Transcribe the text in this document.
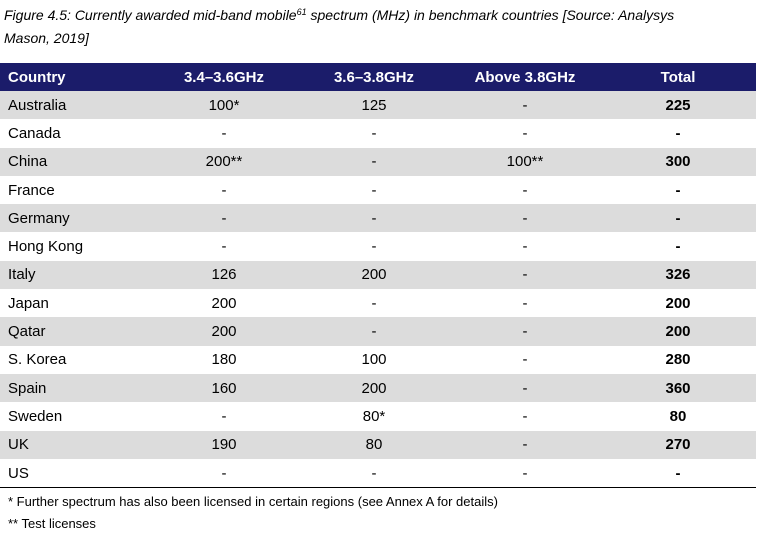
Figure 4.5: Currently awarded mid-band mobile$^{61}$ spectrum (MHz) in benchmark countries [Source: Analysys
Mason, 2019]
Country	3.4–3.6GHz	3.6–3.8GHz	Above 3.8GHz	Total
Australia	100*	125	-	225
Canada	-	-	-	-
China	200**	-	100**	300
France	-	-	-	-
Germany	-	-	-	-
Hong Kong	-	-	-	-
Italy	126	200	-	326
Japan	200	-	-	200
Qatar	200	-	-	200
S. Korea	180	100	-	280
Spain	160	200	-	360
Sweden	-	80*	-	80
UK	190	80	-	270
US	-	-	-	-
* Further spectrum has also been licensed in certain regions (see Annex A for details)
** Test licenses
